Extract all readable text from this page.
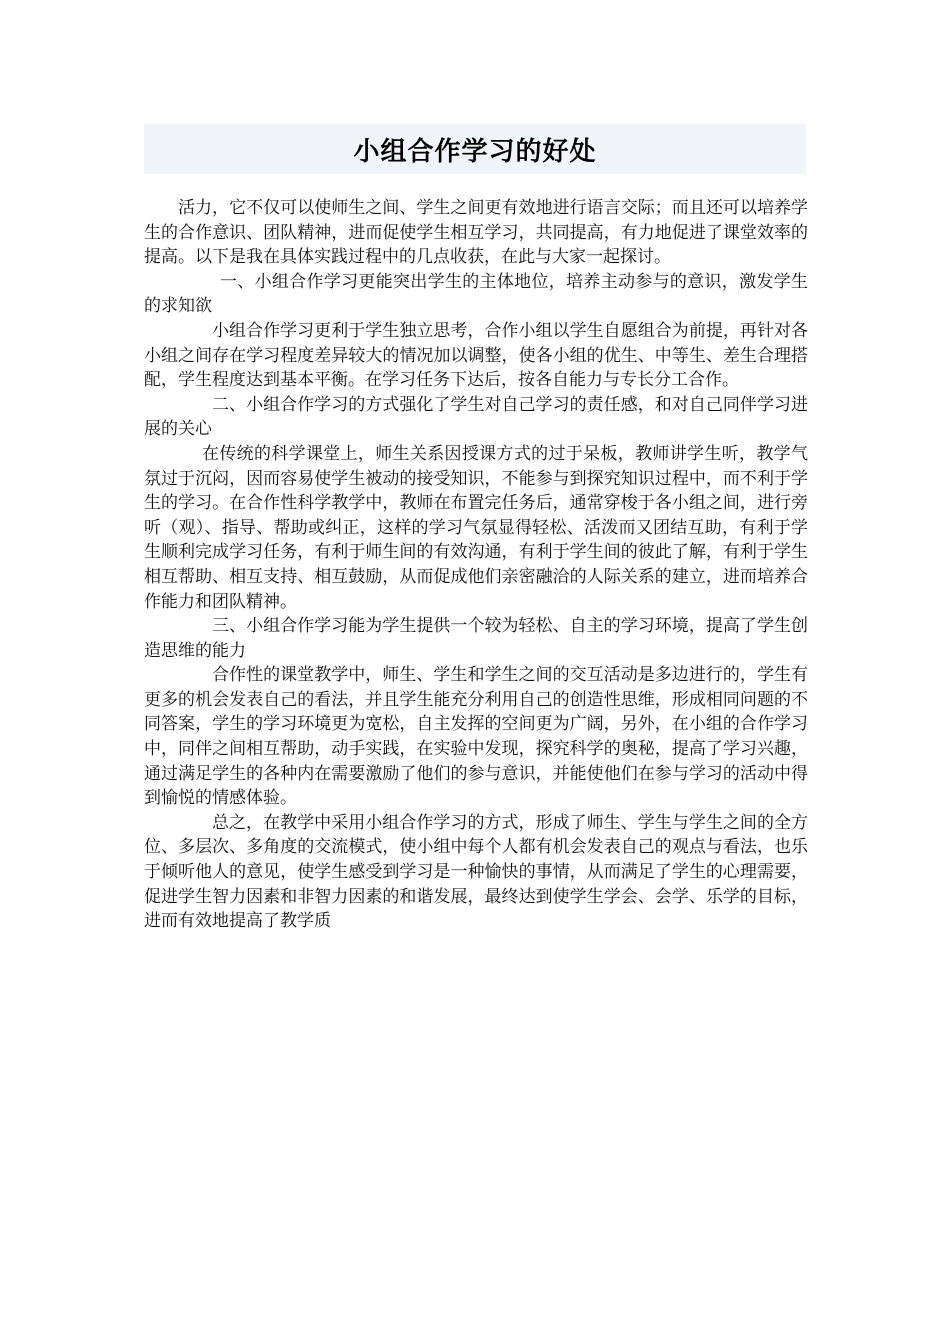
小组合作学习的好处

活力，它不仅可以使师生之间、学生之间更有效地进行语言交际；而且还可以培养学生的合作意识、团队精神，进而促使学生相互学习，共同提高，有力地促进了课堂效率的提高。以下是我在具体实践过程中的几点收获，在此与大家一起探讨。

一、小组合作学习更能突出学生的主体地位，培养主动参与的意识，激发学生的求知欲

小组合作学习更利于学生独立思考，合作小组以学生自愿组合为前提，再针对各小组之间存在学习程度差异较大的情况加以调整，使各小组的优生、中等生、差生合理搭配，学生程度达到基本平衡。在学习任务下达后，按各自能力与专长分工合作。

二、小组合作学习的方式强化了学生对自己学习的责任感，和对自己同伴学习进展的关心

在传统的科学课堂上，师生关系因授课方式的过于呆板，教师讲学生听，教学气氛过于沉闷，因而容易使学生被动的接受知识，不能参与到探究知识过程中，而不利于学生的学习。在合作性科学教学中，教师在布置完任务后，通常穿梭于各小组之间，进行旁听（观）、指导、帮助或纠正，这样的学习气氛显得轻松、活泼而又团结互助，有利于学生顺利完成学习任务，有利于师生间的有效沟通，有利于学生间的彼此了解，有利于学生相互帮助、相互支持、相互鼓励，从而促成他们亲密融洽的人际关系的建立，进而培养合作能力和团队精神。

三、小组合作学习能为学生提供一个较为轻松、自主的学习环境，提高了学生创造思维的能力

合作性的课堂教学中，师生、学生和学生之间的交互活动是多边进行的，学生有更多的机会发表自己的看法，并且学生能充分利用自己的创造性思维，形成相同问题的不同答案，学生的学习环境更为宽松，自主发挥的空间更为广阔，另外，在小组的合作学习中，同伴之间相互帮助，动手实践，在实验中发现，探究科学的奥秘，提高了学习兴趣，通过满足学生的各种内在需要激励了他们的参与意识，并能使他们在参与学习的活动中得到愉悦的情感体验。

总之，在教学中采用小组合作学习的方式，形成了师生、学生与学生之间的全方位、多层次、多角度的交流模式，使小组中每个人都有机会发表自己的观点与看法，也乐于倾听他人的意见，使学生感受到学习是一种愉快的事情，从而满足了学生的心理需要，促进学生智力因素和非智力因素的和谐发展，最终达到使学生学会、会学、乐学的目标，进而有效地提高了教学质
